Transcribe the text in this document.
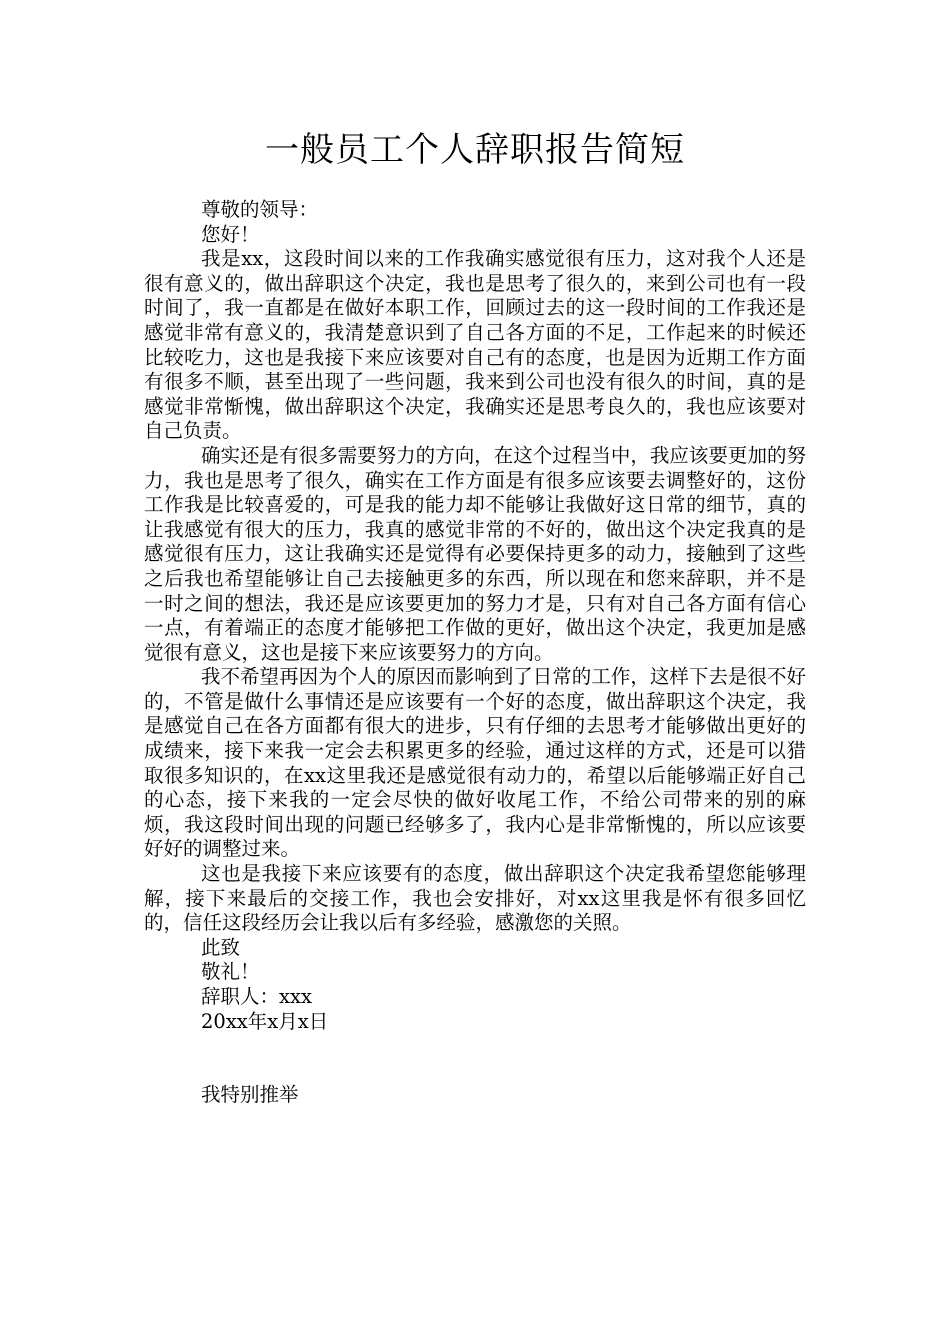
一般员工个人辞职报告简短
尊敬的领导：
您好！

我是xx，这段时间以来的工作我确实感觉很有压力，这对我个人还是很有意义的，做出辞职这个决定，我也是思考了很久的，来到公司也有一段时间了，我一直都是在做好本职工作，回顾过去的这一段时间的工作我还是感觉非常有意义的，我清楚意识到了自己各方面的不足，工作起来的时候还比较吃力，这也是我接下来应该要对自己有的态度，也是因为近期工作方面有很多不顺，甚至出现了一些问题，我来到公司也没有很久的时间，真的是感觉非常惭愧，做出辞职这个决定，我确实还是思考良久的，我也应该要对自己负责。

确实还是有很多需要努力的方向，在这个过程当中，我应该要更加的努力，我也是思考了很久，确实在工作方面是有很多应该要去调整好的，这份工作我是比较喜爱的，可是我的能力却不能够让我做好这日常的细节，真的让我感觉有很大的压力，我真的感觉非常的不好的，做出这个决定我真的是感觉很有压力，这让我确实还是觉得有必要保持更多的动力，接触到了这些之后我也希望能够让自己去接触更多的东西，所以现在和您来辞职，并不是一时之间的想法，我还是应该要更加的努力才是，只有对自己各方面有信心一点，有着端正的态度才能够把工作做的更好，做出这个决定，我更加是感觉很有意义，这也是接下来应该要努力的方向。

我不希望再因为个人的原因而影响到了日常的工作，这样下去是很不好的，不管是做什么事情还是应该要有一个好的态度，做出辞职这个决定，我是感觉自己在各方面都有很大的进步，只有仔细的去思考才能够做出更好的成绩来，接下来我一定会去积累更多的经验，通过这样的方式，还是可以猎取很多知识的，在xx这里我还是感觉很有动力的，希望以后能够端正好自己的心态，接下来我的一定会尽快的做好收尾工作，不给公司带来的别的麻烦，我这段时间出现的问题已经够多了，我内心是非常惭愧的，所以应该要好好的调整过来。

这也是我接下来应该要有的态度，做出辞职这个决定我希望您能够理解，接下来最后的交接工作，我也会安排好，对xx这里我是怀有很多回忆的，信任这段经历会让我以后有多经验，感激您的关照。

此致
敬礼！
辞职人：xxx
20xx年x月x日
我特别推举
